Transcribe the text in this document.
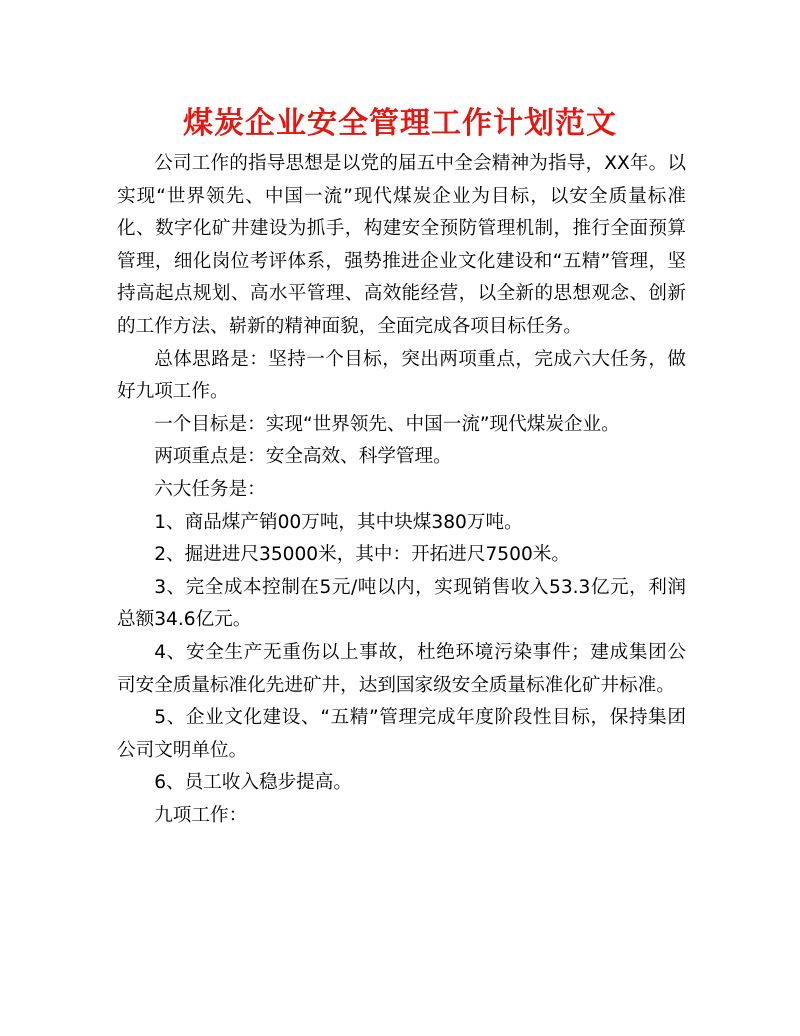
煤炭企业安全管理工作计划范文

公司工作的指导思想是以党的届五中全会精神为指导，XX年。以实现“世界领先、中国一流”现代煤炭企业为目标，以安全质量标准化、数字化矿井建设为抓手，构建安全预防管理机制，推行全面预算管理，细化岗位考评体系，强势推进企业文化建设和“五精”管理，坚持高起点规划、高水平管理、高效能经营，以全新的思想观念、创新的工作方法、崭新的精神面貌，全面完成各项目标任务。

总体思路是：坚持一个目标，突出两项重点，完成六大任务，做好九项工作。

一个目标是：实现“世界领先、中国一流”现代煤炭企业。

两项重点是：安全高效、科学管理。

六大任务是：

1、商品煤产销00万吨，其中块煤380万吨。

2、掘进进尺35000米，其中：开拓进尺7500米。

3、完全成本控制在5元/吨以内，实现销售收入53.3亿元，利润总额34.6亿元。

4、安全生产无重伤以上事故，杜绝环境污染事件；建成集团公司安全质量标准化先进矿井，达到国家级安全质量标准化矿井标准。

5、企业文化建设、“五精”管理完成年度阶段性目标，保持集团公司文明单位。

6、员工收入稳步提高。

九项工作：
